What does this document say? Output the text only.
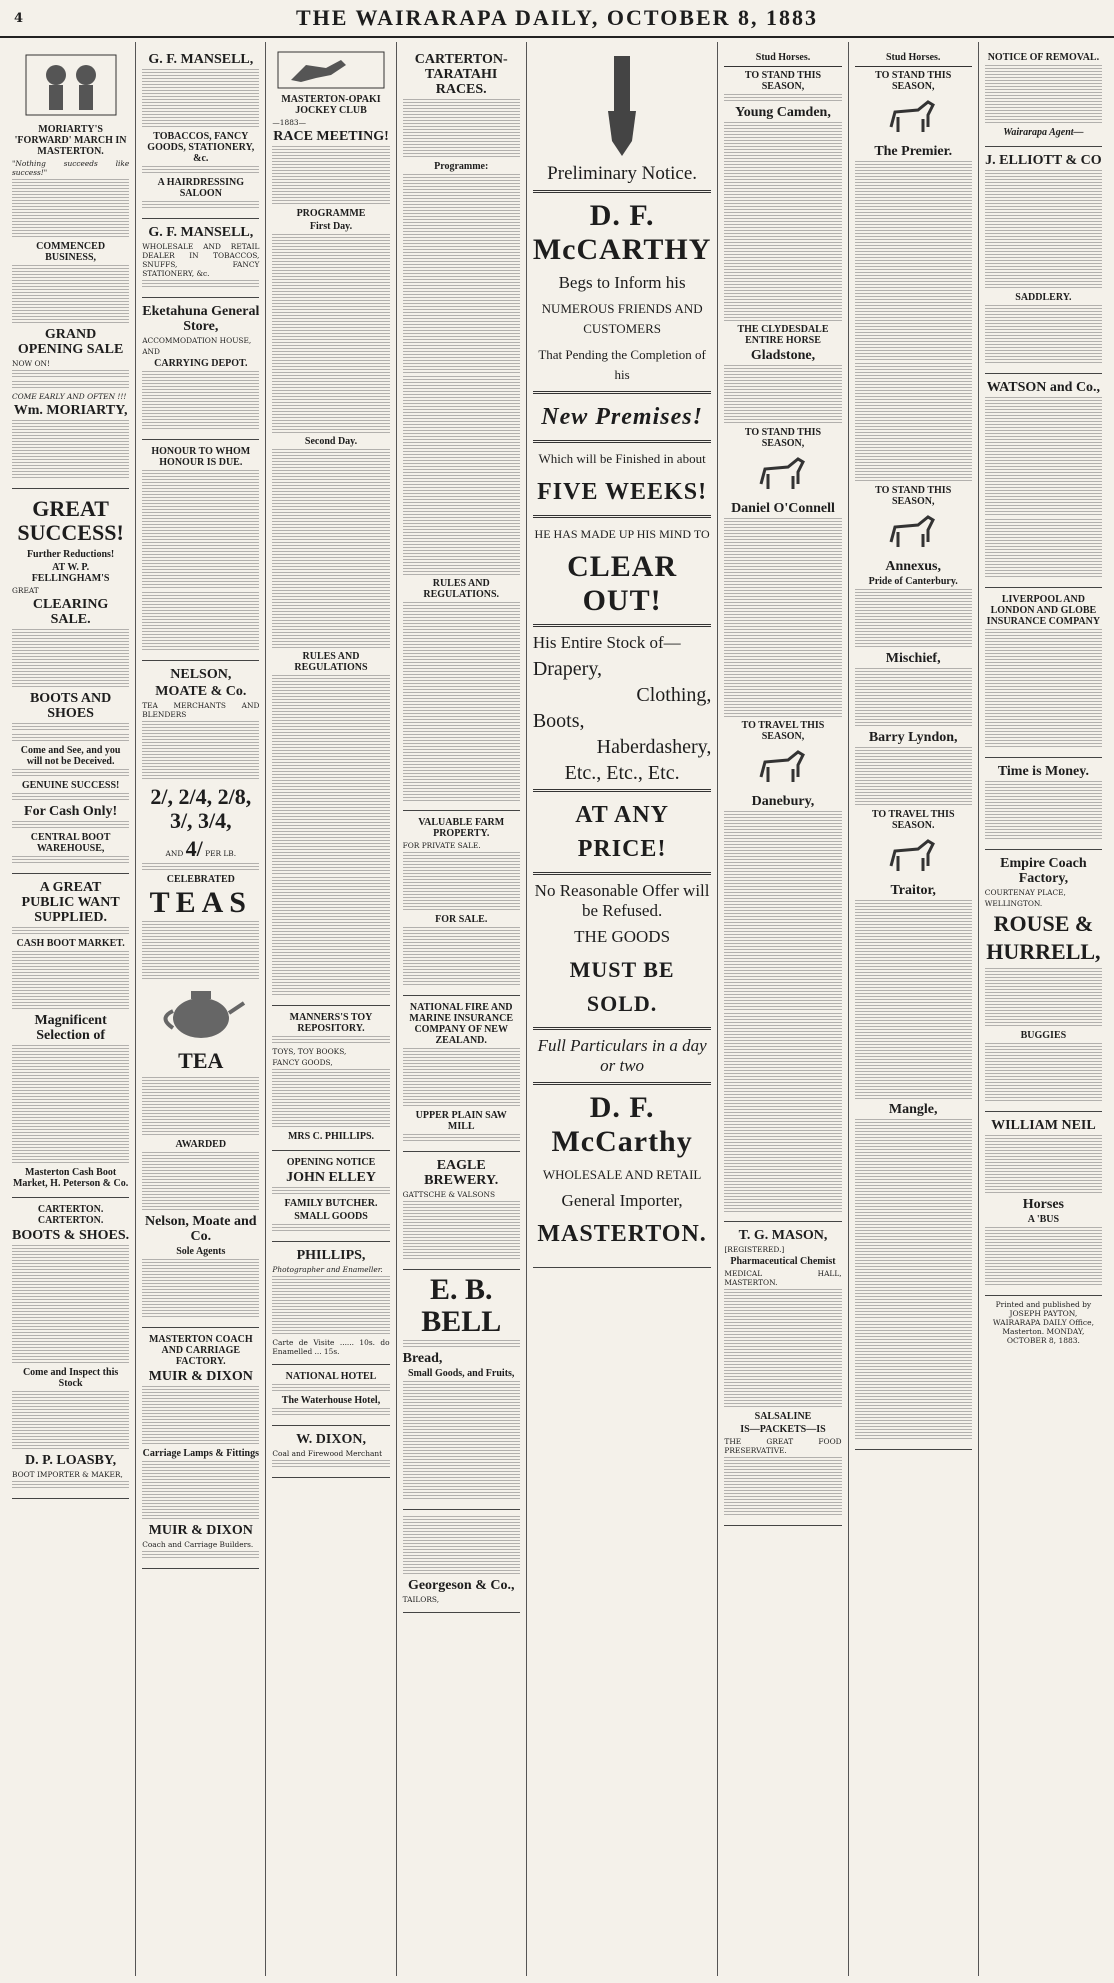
4	THE WAIRARAPA DAILY, OCTOBER 8, 1883
MORIARTY'S 'FORWARD' MARCH IN MASTERTON.

"Nothing succeeds like success!"

COMMENCED BUSINESS,
GRAND OPENING SALE

NOW ON!

COME EARLY AND OFTEN !!!

Wm. MORIARTY,
GREAT SUCCESS!
Further Reductions!
AT W. P. FELLINGHAM'S

GREAT

CLEARING SALE.
BOOTS AND SHOES
Come and See, and you will not be Deceived.
GENUINE SUCCESS!
For Cash Only!
CENTRAL BOOT WAREHOUSE,
A GREAT PUBLIC WANT SUPPLIED.
CASH BOOT MARKET.
Magnificent Selection of
Masterton Cash Boot Market, H. Peterson & Co.
CARTERTON. CARTERTON.
BOOTS & SHOES.
Come and Inspect this Stock
D. P. LOASBY,

BOOT IMPORTER & MAKER,

G. F. MANSELL,
TOBACCOS, FANCY GOODS, STATIONERY, &c.
A HAIRDRESSING SALOON
G. F. MANSELL,

WHOLESALE AND RETAIL DEALER IN TOBACCOS, SNUFFS, FANCY STATIONERY, &c.

Eketahuna General Store,

ACCOMMODATION HOUSE,

AND

CARRYING DEPOT.
HONOUR TO WHOM HONOUR IS DUE.
NELSON,
MOATE & Co.

TEA MERCHANTS AND BLENDERS

2/, 2/4, 2/8, 3/, 3/4,
AND 4/ PER LB.
CELEBRATED
TEAS
TEA
AWARDED
Nelson, Moate and Co.
Sole Agents
MASTERTON COACH AND CARRIAGE FACTORY.
MUIR & DIXON
Carriage Lamps & Fittings
MUIR & DIXON

Coach and Carriage Builders.

MASTERTON-OPAKI JOCKEY CLUB

—1883—

RACE MEETING!
PROGRAMME
First Day.
Second Day.
RULES AND REGULATIONS
MANNERS'S TOY REPOSITORY.

TOYS, TOY BOOKS,

FANCY GOODS,

MRS C. PHILLIPS.
OPENING NOTICE
JOHN ELLEY
FAMILY BUTCHER.
SMALL GOODS
PHILLIPS,

Photographer and Enameller.

Carte de Visite ...... 10s. do Enamelled ... 15s.

NATIONAL HOTEL
The Waterhouse Hotel,
W. DIXON,

Coal and Firewood Merchant

CARTERTON-TARATAHI RACES.
Programme:
RULES AND REGULATIONS.
VALUABLE FARM PROPERTY.

FOR PRIVATE SALE.

FOR SALE.
NATIONAL FIRE AND MARINE INSURANCE COMPANY OF NEW ZEALAND.
UPPER PLAIN SAW MILL
EAGLE BREWERY.

GATTSCHE & VALSONS

E. B. BELL
Bread,
Small Goods, and Fruits,
Georgeson & Co.,

TAILORS,

Preliminary Notice.
D. F. McCARTHY
Begs to Inform his
NUMEROUS FRIENDS AND CUSTOMERS
That Pending the Completion of his
New Premises!
Which will be Finished in about
FIVE WEEKS!
HE HAS MADE UP HIS MIND TO
CLEAR OUT!
His Entire Stock of—
Drapery,
Clothing,
Boots,
Haberdashery,
Etc., Etc., Etc.
AT ANY PRICE!
No Reasonable Offer will be Refused.
THE GOODS
MUST BE SOLD.
Full Particulars in a day or two
D. F. McCarthy
WHOLESALE AND RETAIL
General Importer,
MASTERTON.
Stud Horses.
TO STAND THIS SEASON,
Young Camden,
THE CLYDESDALE ENTIRE HORSE
Gladstone,
TO STAND THIS SEASON,
Daniel O'Connell
TO TRAVEL THIS SEASON,
Danebury,
T. G. MASON,

[REGISTERED.]

Pharmaceutical Chemist

MEDICAL HALL, MASTERTON.

SALSALINE
IS—PACKETS—IS

THE GREAT FOOD PRESERVATIVE.

Stud Horses.
TO STAND THIS SEASON,
The Premier.
TO STAND THIS SEASON,
Annexus,
Pride of Canterbury.
Mischief,
Barry Lyndon,
TO TRAVEL THIS SEASON.
Traitor,
Mangle,
NOTICE OF REMOVAL.
Wairarapa Agent—
J. ELLIOTT & CO
SADDLERY.
WATSON and Co.,
LIVERPOOL AND LONDON AND GLOBE INSURANCE COMPANY
Time is Money.
Empire Coach Factory,

COURTENAY PLACE,

WELLINGTON.

ROUSE &
HURRELL,
BUGGIES
WILLIAM NEIL
Horses
A 'BUS
Printed and published by JOSEPH PAYTON, WAIRARAPA DAILY Office, Masterton. MONDAY, OCTOBER 8, 1883.
